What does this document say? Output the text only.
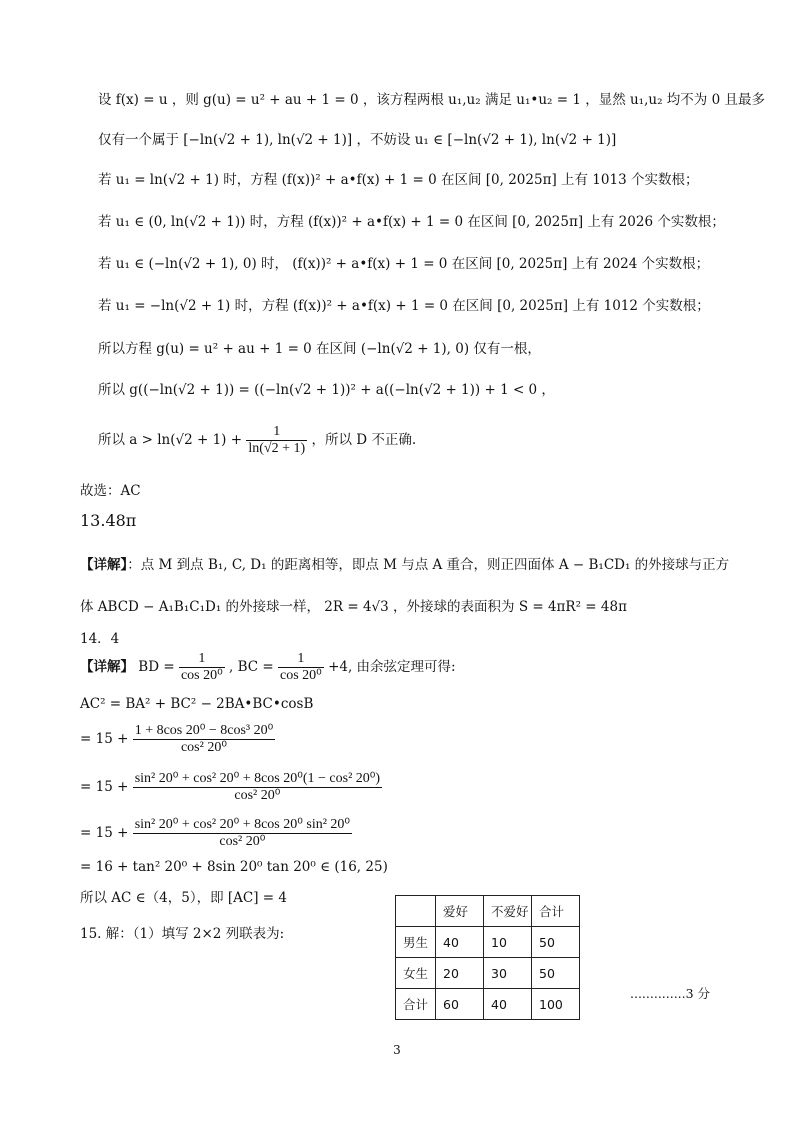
设 f(x) = u ，则 g(u) = u² + au + 1 = 0 ，该方程两根 u₁,u₂ 满足 u₁•u₂ = 1 ，显然 u₁,u₂ 均不为 0 且最多
仅有一个属于 [−ln(√2 + 1), ln(√2 + 1)] ，不妨设 u₁ ∈ [−ln(√2 + 1), ln(√2 + 1)]
若 u₁ = ln(√2 + 1) 时，方程 (f(x))² + a•f(x) + 1 = 0 在区间 [0, 2025π] 上有 1013 个实数根；
若 u₁ ∈ (0, ln(√2 + 1)) 时，方程 (f(x))² + a•f(x) + 1 = 0 在区间 [0, 2025π] 上有 2026 个实数根；
若 u₁ ∈ (−ln(√2 + 1), 0) 时， (f(x))² + a•f(x) + 1 = 0 在区间 [0, 2025π] 上有 2024 个实数根；
若 u₁ = −ln(√2 + 1) 时，方程 (f(x))² + a•f(x) + 1 = 0 在区间 [0, 2025π] 上有 1012 个实数根；
所以方程 g(u) = u² + au + 1 = 0 在区间 (−ln(√2 + 1), 0) 仅有一根，
所以 g((−ln(√2 + 1)) = ((−ln(√2 + 1))² + a((−ln(√2 + 1)) + 1 < 0 ，
所以 $a > \ln(√2 + 1) + \frac{1}{\ln(√2 + 1)}$ ，所以 D 不正确.
故选：AC
13.48π
【详解】：点 M 到点 B₁, C, D₁ 的距离相等，即点 M 与点 A 重合，则正四面体 A − B₁CD₁ 的外接球与正方
体 ABCD − A₁B₁C₁D₁ 的外接球一样， 2R = 4√3 ，外接球的表面积为 S = 4πR² = 48π
14．4
【详解】 BD = $\frac{1}{\text{cos 20⁰}}$ , BC = $\frac{1}{\text{cos 20⁰}} +4$, 由余弦定理可得:
AC² = BA² + BC² − 2BA•BC•cosB
= $15 + \frac{\text{1 + 8cos 20⁰ − 8cos³ 20⁰}}{\text{cos² 20⁰}}$
= $15 + \frac{\text{sin² 20⁰ + cos² 20⁰ + 8cos 20⁰(1 − cos² 20⁰)}}{\text{cos² 20⁰}}$
= $15 + \frac{\text{sin² 20⁰ + cos² 20⁰ + 8cos 20⁰ sin² 20⁰}}{\text{cos² 20⁰}}$
= 16 + tan² 20⁰ + 8sin 20⁰ tan 20⁰ ∈ (16, 25)
所以 AC ∈（4，5），即 [AC] = 4
15. 解：（1）填写 2×2 列联表为:
	爱好	不爱好	合计
男生	40	10	50
女生	20	30	50
合计	60	40	100
..............3 分
3
